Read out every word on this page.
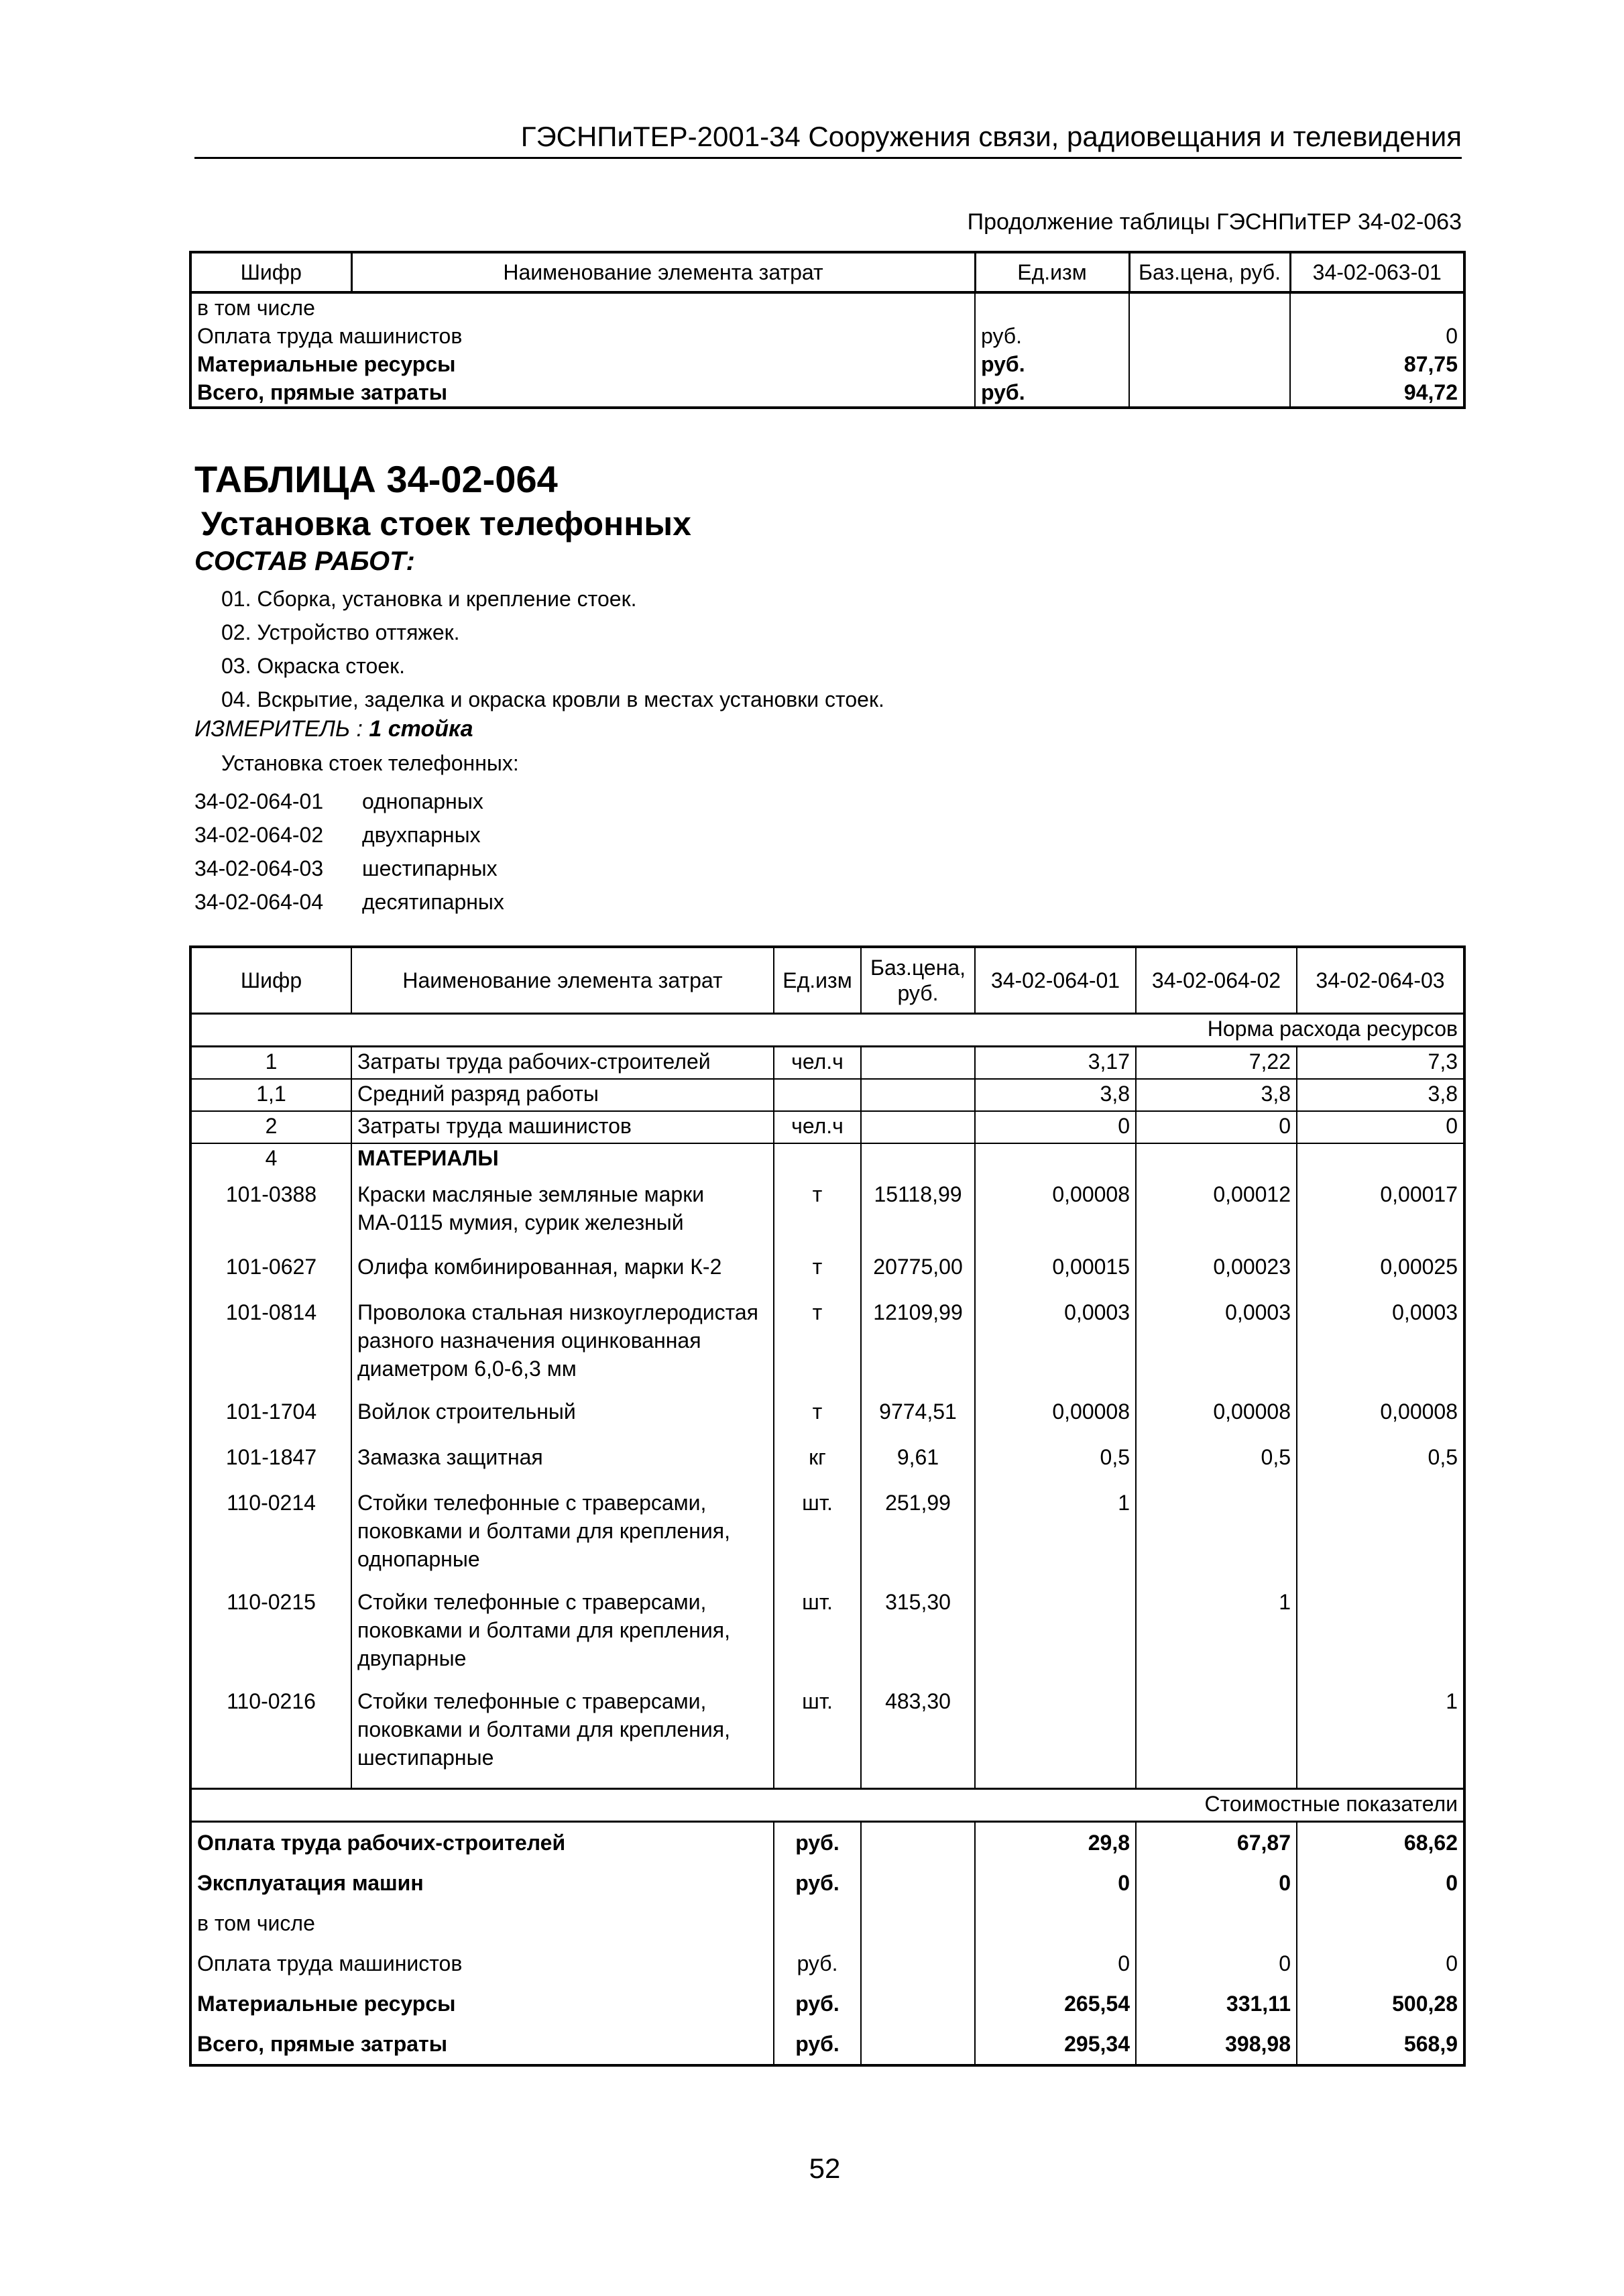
ГЭСНПиТЕР-2001-34 Сооружения связи, радиовещания и телевидения
Продолжение таблицы ГЭСНПиТЕР 34-02-063
Шифр	Наименование элемента затрат	Ед.изм	Баз.цена, руб.	34-02-063-01
в том числе				
Оплата труда машинистов		руб.		0
Материальные ресурсы		руб.		87,75
Всего, прямые затраты		руб.		94,72
ТАБЛИЦА 34-02-064
Установка стоек телефонных
СОСТАВ РАБОТ:
01. Сборка, установка и крепление стоек.
02. Устройство оттяжек.
03. Окраска стоек.
04. Вскрытие, заделка и окраска кровли в местах установки стоек.
ИЗМЕРИТЕЛЬ : 1 стойка
Установка стоек телефонных:
34-02-064-01 однопарных
34-02-064-02 двухпарных
34-02-064-03 шестипарных
34-02-064-04 десятипарных
Шифр	Наименование элемента затрат	Ед.изм	Баз.цена, руб.	34-02-064-01	34-02-064-02	34-02-064-03
Норма расхода ресурсов						
1	Затраты труда рабочих-строителей	чел.ч		3,17	7,22	7,3
1,1	Средний разряд работы			3,8	3,8	3,8
2	Затраты труда машинистов	чел.ч		0	0	0
4	МАТЕРИАЛЫ					
101-0388	Краски масляные земляные марки МА-0115 мумия, сурик железный	т	15118,99	0,00008	0,00012	0,00017
101-0627	Олифа комбинированная, марки К-2	т	20775,00	0,00015	0,00023	0,00025
101-0814	Проволока стальная низкоуглеродистая разного назначения оцинкованная диаметром 6,0-6,3 мм	т	12109,99	0,0003	0,0003	0,0003
101-1704	Войлок строительный	т	9774,51	0,00008	0,00008	0,00008
101-1847	Замазка защитная	кг	9,61	0,5	0,5	0,5
110-0214	Стойки телефонные с траверсами, поковками и болтами для крепления, однопарные	шт.	251,99	1		
110-0215	Стойки телефонные с траверсами, поковками и болтами для крепления, двупарные	шт.	315,30		1	
110-0216	Стойки телефонные с траверсами, поковками и болтами для крепления, шестипарные	шт.	483,30			1
Стоимостные показатели						
Оплата труда рабочих-строителей		руб.		29,8	67,87	68,62
Эксплуатация машин		руб.		0	0	0
в том числе						
Оплата труда машинистов		руб.		0	0	0
Материальные ресурсы		руб.		265,54	331,11	500,28
Всего, прямые затраты		руб.		295,34	398,98	568,9
52
